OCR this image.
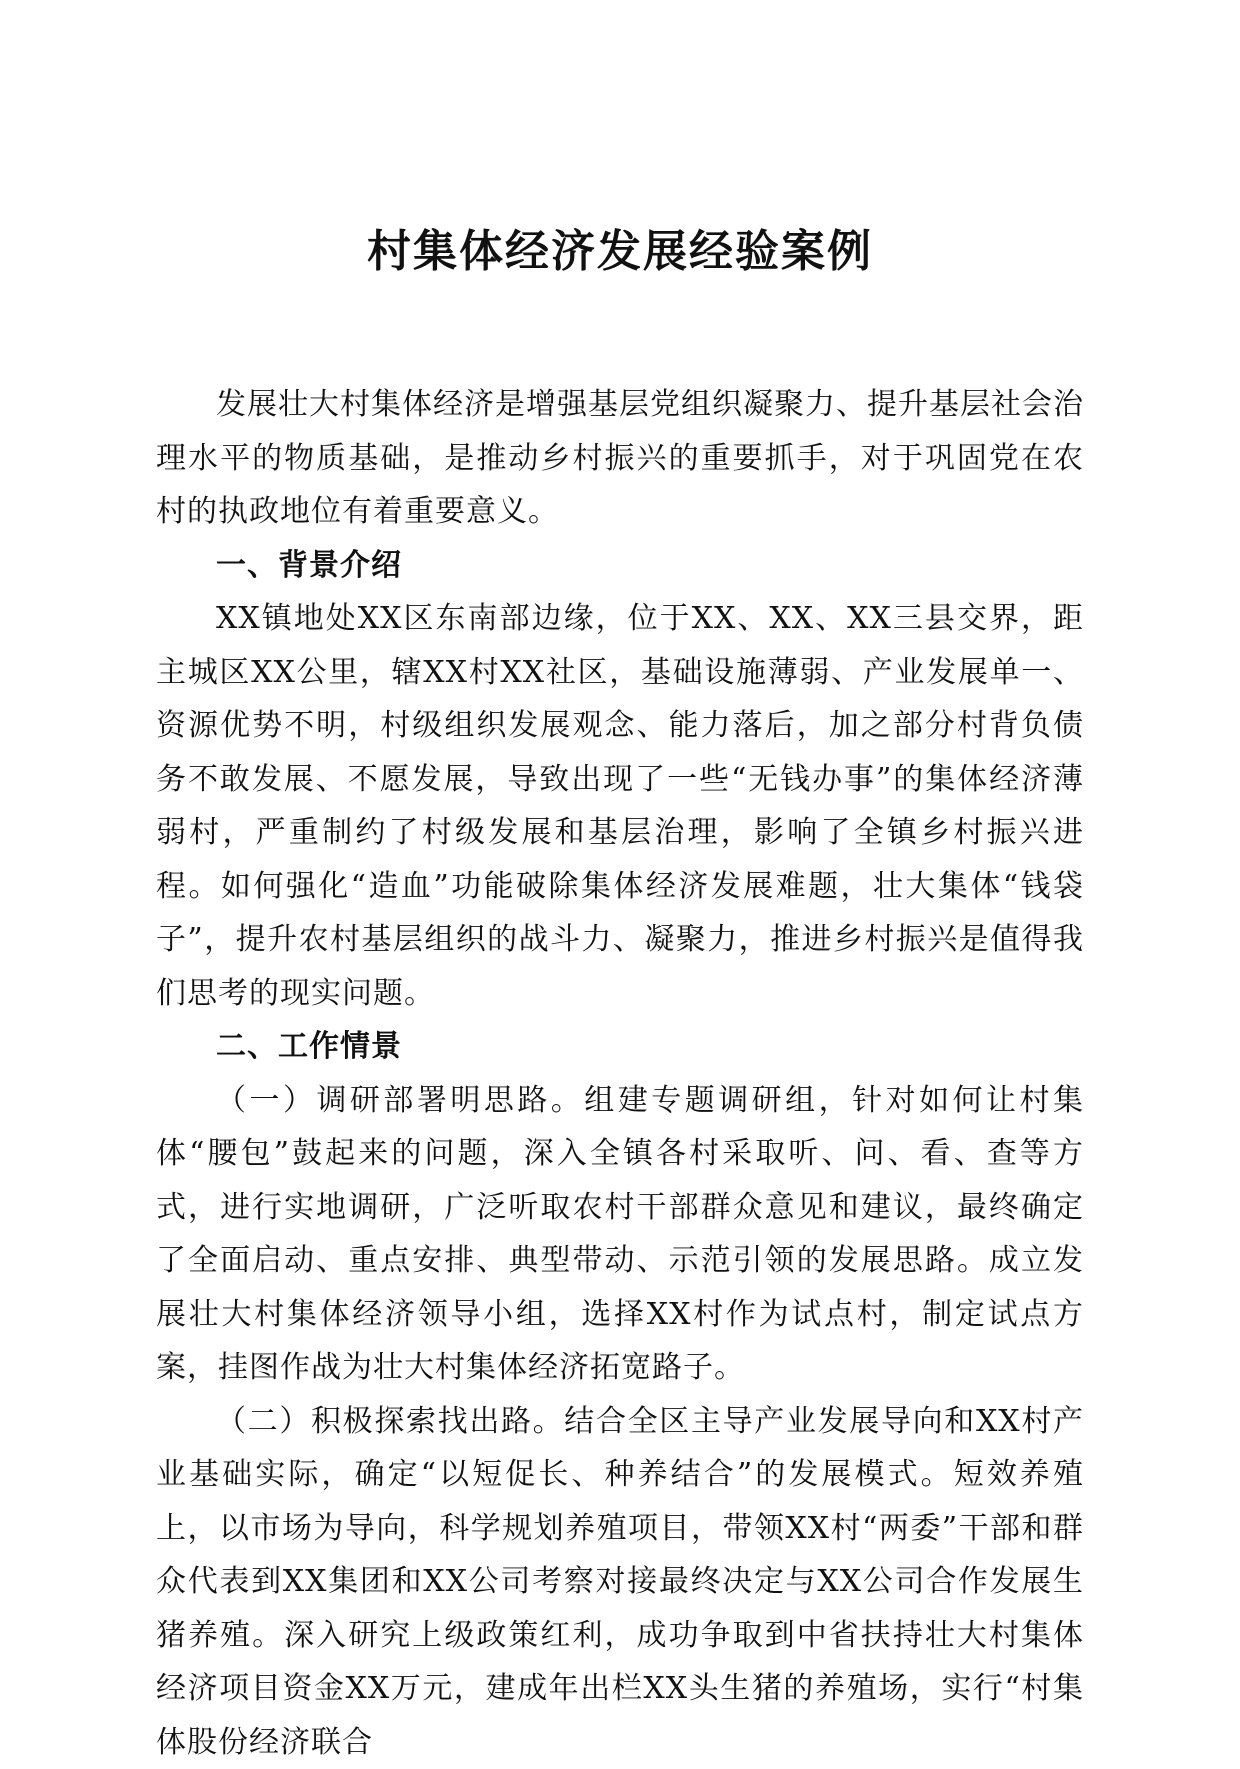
村集体经济发展经验案例

发展壮大村集体经济是增强基层党组织凝聚力、提升基层社会治理水平的物质基础，是推动乡村振兴的重要抓手，对于巩固党在农村的执政地位有着重要意义。

一、背景介绍

XX镇地处XX区东南部边缘，位于XX、XX、XX三县交界，距主城区XX公里，辖XX村XX社区，基础设施薄弱、产业发展单一、资源优势不明，村级组织发展观念、能力落后，加之部分村背负债务不敢发展、不愿发展，导致出现了一些“无钱办事”的集体经济薄弱村，严重制约了村级发展和基层治理，影响了全镇乡村振兴进程。如何强化“造血”功能破除集体经济发展难题，壮大集体“钱袋子”，提升农村基层组织的战斗力、凝聚力，推进乡村振兴是值得我们思考的现实问题。

二、工作情景

（一）调研部署明思路。组建专题调研组，针对如何让村集体“腰包”鼓起来的问题，深入全镇各村采取听、问、看、查等方式，进行实地调研，广泛听取农村干部群众意见和建议，最终确定了全面启动、重点安排、典型带动、示范引领的发展思路。成立发展壮大村集体经济领导小组，选择XX村作为试点村，制定试点方案，挂图作战为壮大村集体经济拓宽路子。

（二）积极探索找出路。结合全区主导产业发展导向和XX村产业基础实际，确定“以短促长、种养结合”的发展模式。短效养殖上，以市场为导向，科学规划养殖项目，带领XX村“两委”干部和群众代表到XX集团和XX公司考察对接最终决定与XX公司合作发展生猪养殖。深入研究上级政策红利，成功争取到中省扶持壮大村集体经济项目资金XX万元，建成年出栏XX头生猪的养殖场，实行“村集体股份经济联合
